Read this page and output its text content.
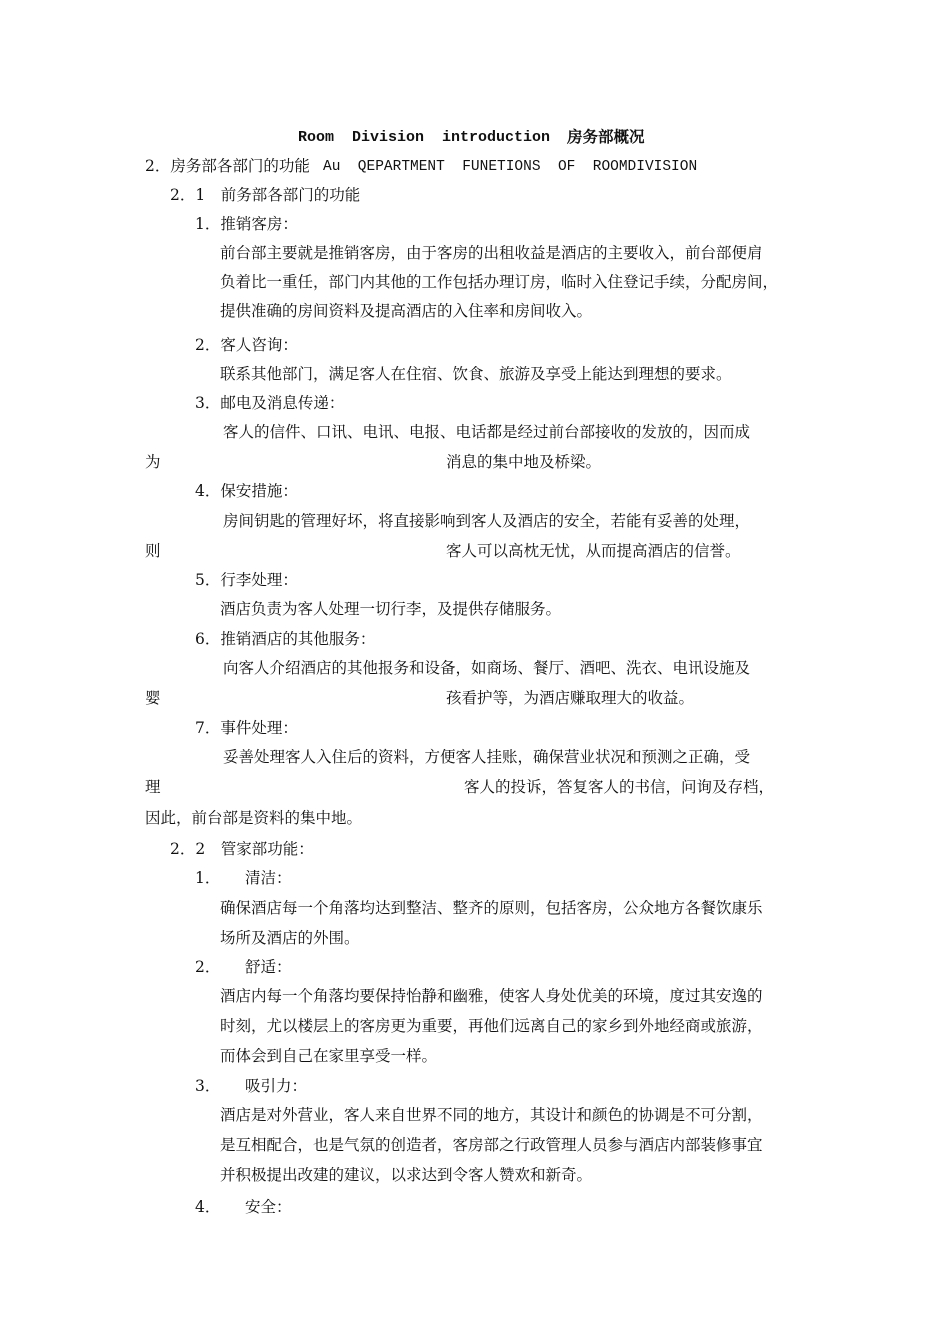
Room  Division  introduction 房务部概况
2．房务部各部门的功能 Au  QEPARTMENT  FUNETIONS  OF  ROOMDIVISION
2．1　前务部各部门的功能
1．推销客房：
前台部主要就是推销客房，由于客房的出租收益是酒店的主要收入，前台部便肩
负着比一重任，部门内其他的工作包括办理订房，临时入住登记手续，分配房间，
提供准确的房间资料及提高酒店的入住率和房间收入。
2．客人咨询：
联系其他部门，满足客人在住宿、饮食、旅游及享受上能达到理想的要求。
3．邮电及消息传递：
客人的信件、口讯、电讯、电报、电话都是经过前台部接收的发放的，因而成
为	消息的集中地及桥梁。
4．保安措施：
房间钥匙的管理好坏，将直接影响到客人及酒店的安全，若能有妥善的处理，
则	客人可以高枕无忧，从而提高酒店的信誉。
5．行李处理：
酒店负责为客人处理一切行李，及提供存储服务。
6．推销酒店的其他服务：
向客人介绍酒店的其他报务和设备，如商场、餐厅、酒吧、洗衣、电讯设施及
婴	孩看护等，为酒店赚取理大的收益。
7．事件处理：
妥善处理客人入住后的资料，方便客人挂账，确保营业状况和预测之正确，受
理	客人的投诉，答复客人的书信，问询及存档，
因此，前台部是资料的集中地。
2．2　管家部功能：
1． 清洁：
确保酒店每一个角落均达到整洁、整齐的原则，包括客房，公众地方各餐饮康乐
场所及酒店的外围。
2． 舒适：
酒店内每一个角落均要保持怡静和幽雅，使客人身处优美的环境，度过其安逸的
时刻，尤以楼层上的客房更为重要，再他们远离自己的家乡到外地经商或旅游，
而体会到自己在家里享受一样。
3． 吸引力：
酒店是对外营业，客人来自世界不同的地方，其设计和颜色的协调是不可分割，
是互相配合，也是气氛的创造者，客房部之行政管理人员参与酒店内部装修事宜
并积极提出改建的建议，以求达到令客人赞欢和新奇。
4． 安全：
